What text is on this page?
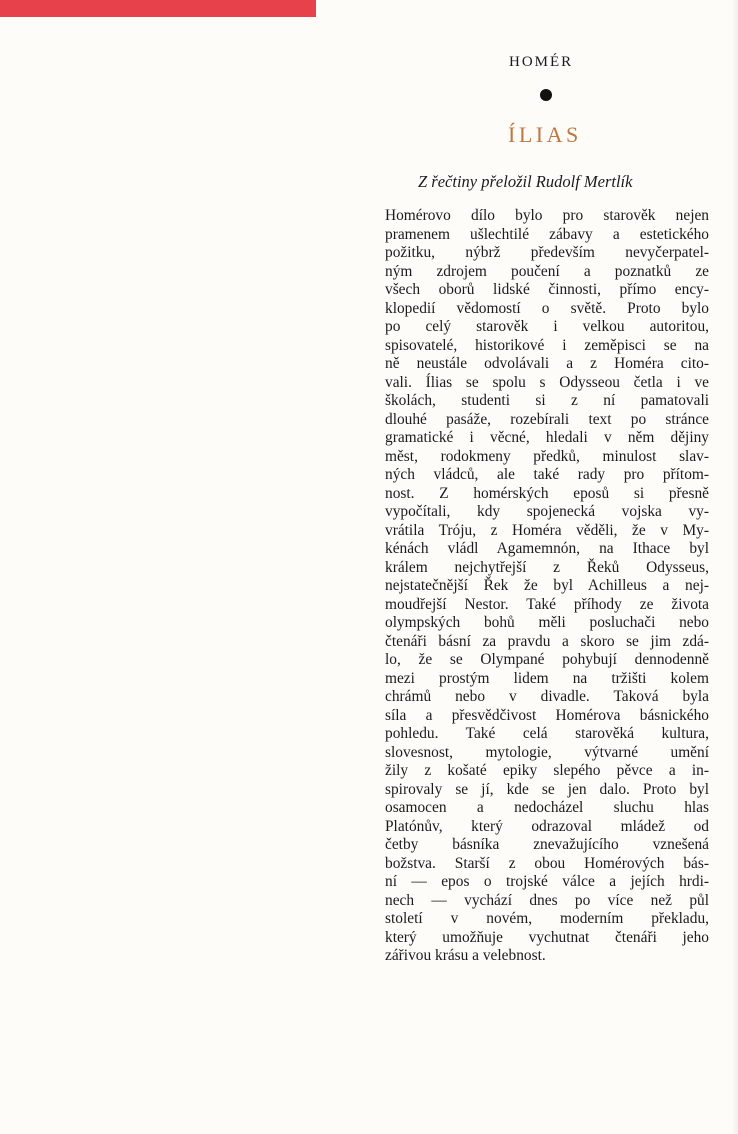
HOMÉR
ÍLIAS
Z řečtiny přeložil Rudolf Mertlík
Homérovo dílo bylo pro starověk nejen
pramenem ušlechtilé zábavy a estetického
požitku, nýbrž především nevyčerpatel-
ným zdrojem poučení a poznatků ze
všech oborů lidské činnosti, přímo ency-
klopedií vědomostí o světě. Proto bylo
po celý starověk i velkou autoritou,
spisovatelé, historikové i zeměpisci se na
ně neustále odvolávali a z Homéra cito-
vali. Ílias se spolu s Odysseou četla i ve
školách, studenti si z ní pamatovali
dlouhé pasáže, rozebírali text po stránce
gramatické i věcné, hledali v něm dějiny
měst, rodokmeny předků, minulost slav-
ných vládců, ale také rady pro přítom-
nost. Z homérských eposů si přesně
vypočítali, kdy spojenecká vojska vy-
vrátila Tróju, z Homéra věděli, že v My-
kénách vládl Agamemnón, na Ithace byl
králem nejchytřejší z Řeků Odysseus,
nejstatečnější Řek že byl Achilleus a nej-
moudřejší Nestor. Také příhody ze života
olympských bohů měli posluchači nebo
čtenáři básní za pravdu a skoro se jim zdá-
lo, že se Olympané pohybují dennodenně
mezi prostým lidem na tržišti kolem
chrámů nebo v divadle. Taková byla
síla a přesvědčivost Homérova básnického
pohledu. Také celá starověká kultura,
slovesnost, mytologie, výtvarné umění
žily z košaté epiky slepého pěvce a in-
spirovaly se jí, kde se jen dalo. Proto byl
osamocen a nedocházel sluchu hlas
Platónův, který odrazoval mládež od
četby básníka znevažujícího vznešená
božstva. Starší z obou Homérových bás-
ní — epos o trojské válce a jejích hrdi-
nech — vychází dnes po více než půl
století v novém, moderním překladu,
který umožňuje vychutnat čtenáři jeho
zářivou krásu a velebnost.
